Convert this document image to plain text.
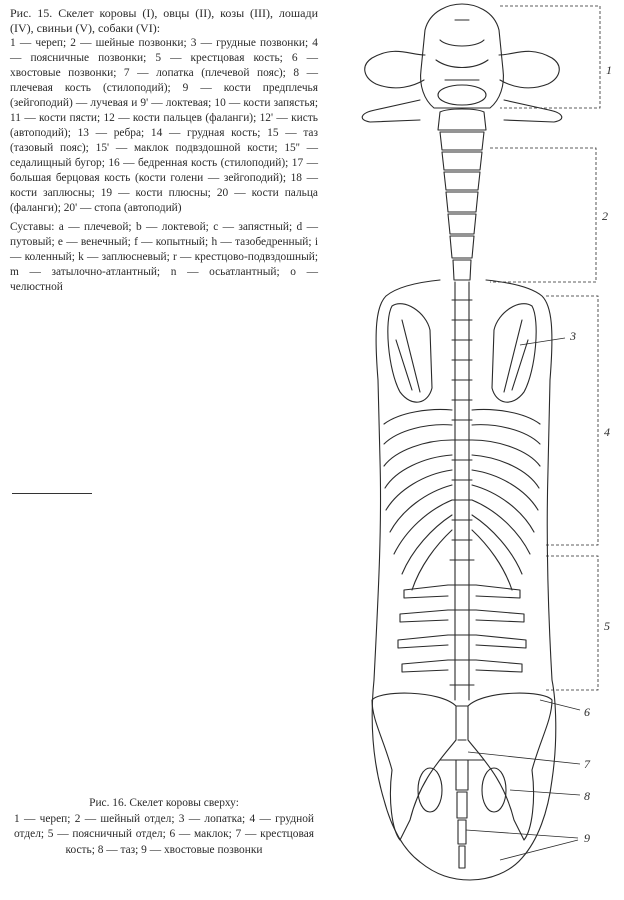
Рис. 15. Скелет коровы (I), овцы (II), козы (III), лошади (IV), свиньи (V), собаки (VI):

1 — череп; 2 — шейные позвонки; 3 — грудные позвонки; 4 — поясничные позвонки; 5 — крестцовая кость; 6 — хвостовые позвонки; 7 — лопатка (плечевой пояс); 8 — плечевая кость (стилоподий); 9 — кости предплечья (зейгоподий) — лучевая и 9' — локтевая; 10 — кости запястья; 11 — кости пясти; 12 — кости пальцев (фаланги); 12' — кисть (автоподий); 13 — ребра; 14 — грудная кость; 15 — таз (тазовый пояс); 15' — маклок подвздошной кости; 15'' — седалищный бугор; 16 — бедренная кость (стилоподий); 17 — большая берцовая кость (кости голени — зейгоподий); 18 — кости заплюсны; 19 — кости плюсны; 20 — кости пальца (фаланги); 20' — стопа (автоподий)

Суставы: a — плечевой; b — локтевой; c — запястный; d — путовый; e — венечный; f — копытный; h — тазобедренный; i — коленный; k — заплюсневый; r — крестцово-подвздошный; m — затылочно-атлантный; n — осьатлантный; o — челюстной

Рис. 16. Скелет коровы сверху:

1 — череп; 2 — шейный отдел; 3 — лопатка; 4 — грудной отдел; 5 — поясничный отдел; 6 — маклок; 7 — крестцовая кость; 8 — таз; 9 — хвостовые позвонки

1
2
3
4
5
6
7
8
9
